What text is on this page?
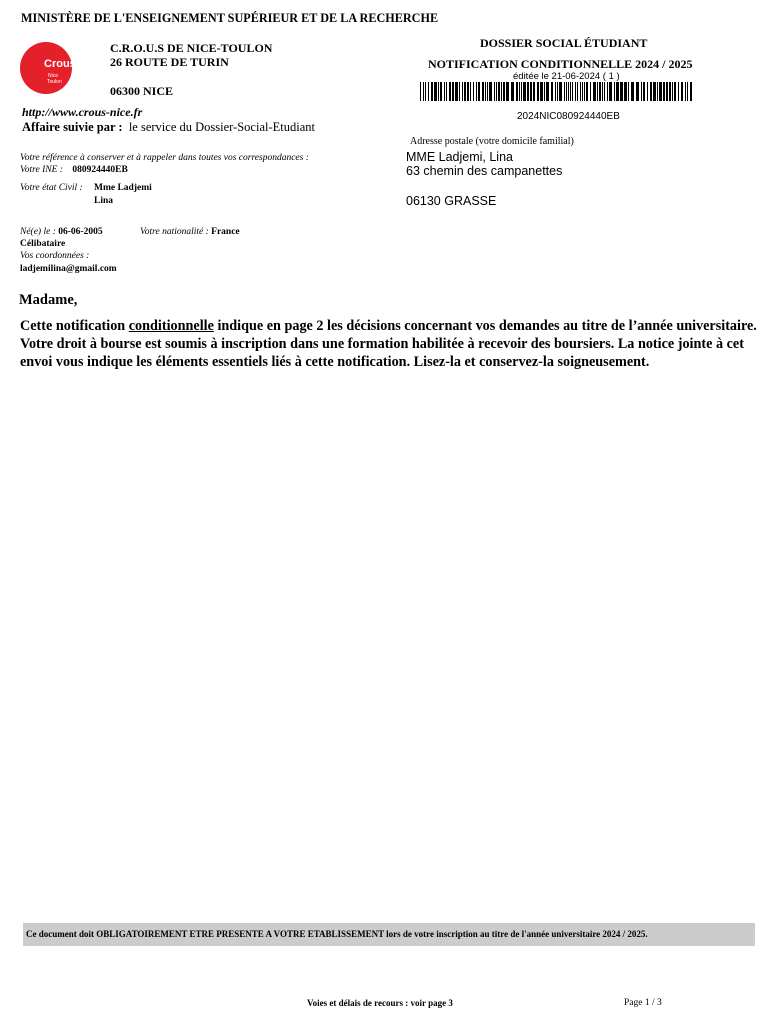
MINISTÈRE DE L'ENSEIGNEMENT SUPÉRIEUR ET DE LA RECHERCHE
Crous
Nice
Toulon
C.R.O.U.S DE NICE-TOULON
26 ROUTE DE TURIN
06300 NICE
http://www.crous-nice.fr
Affaire suivie par : le service du Dossier-Social-Etudiant
DOSSIER SOCIAL ÉTUDIANT
NOTIFICATION CONDITIONNELLE 2024 / 2025
éditée le 21-06-2024 ( 1 )
2024NIC080924440EB
Adresse postale (votre domicile familial)
MME Ladjemi, Lina
63 chemin des campanettes
06130 GRASSE
Votre référence à conserver et à rappeler dans toutes vos correspondances :
Votre INE : 080924440EB
Votre état Civil : Mme Ladjemi
Lina
Né(e) le : 06-06-2005	Votre nationalité : France
Célibataire
Vos coordonnées :
ladjemilina@gmail.com
Madame,
Cette notification conditionnelle indique en page 2 les décisions concernant vos demandes au titre de l’année universitaire. Votre droit à bourse est soumis à inscription dans une formation habilitée à recevoir des boursiers. La notice jointe à cet envoi vous indique les éléments essentiels liés à cette notification. Lisez-la et conservez-la soigneusement.
Ce document doit OBLIGATOIREMENT ETRE PRESENTE A VOTRE ETABLISSEMENT lors de votre inscription au titre de l'année universitaire 2024 / 2025.
Voies et délais de recours : voir page 3	Page 1 / 3
